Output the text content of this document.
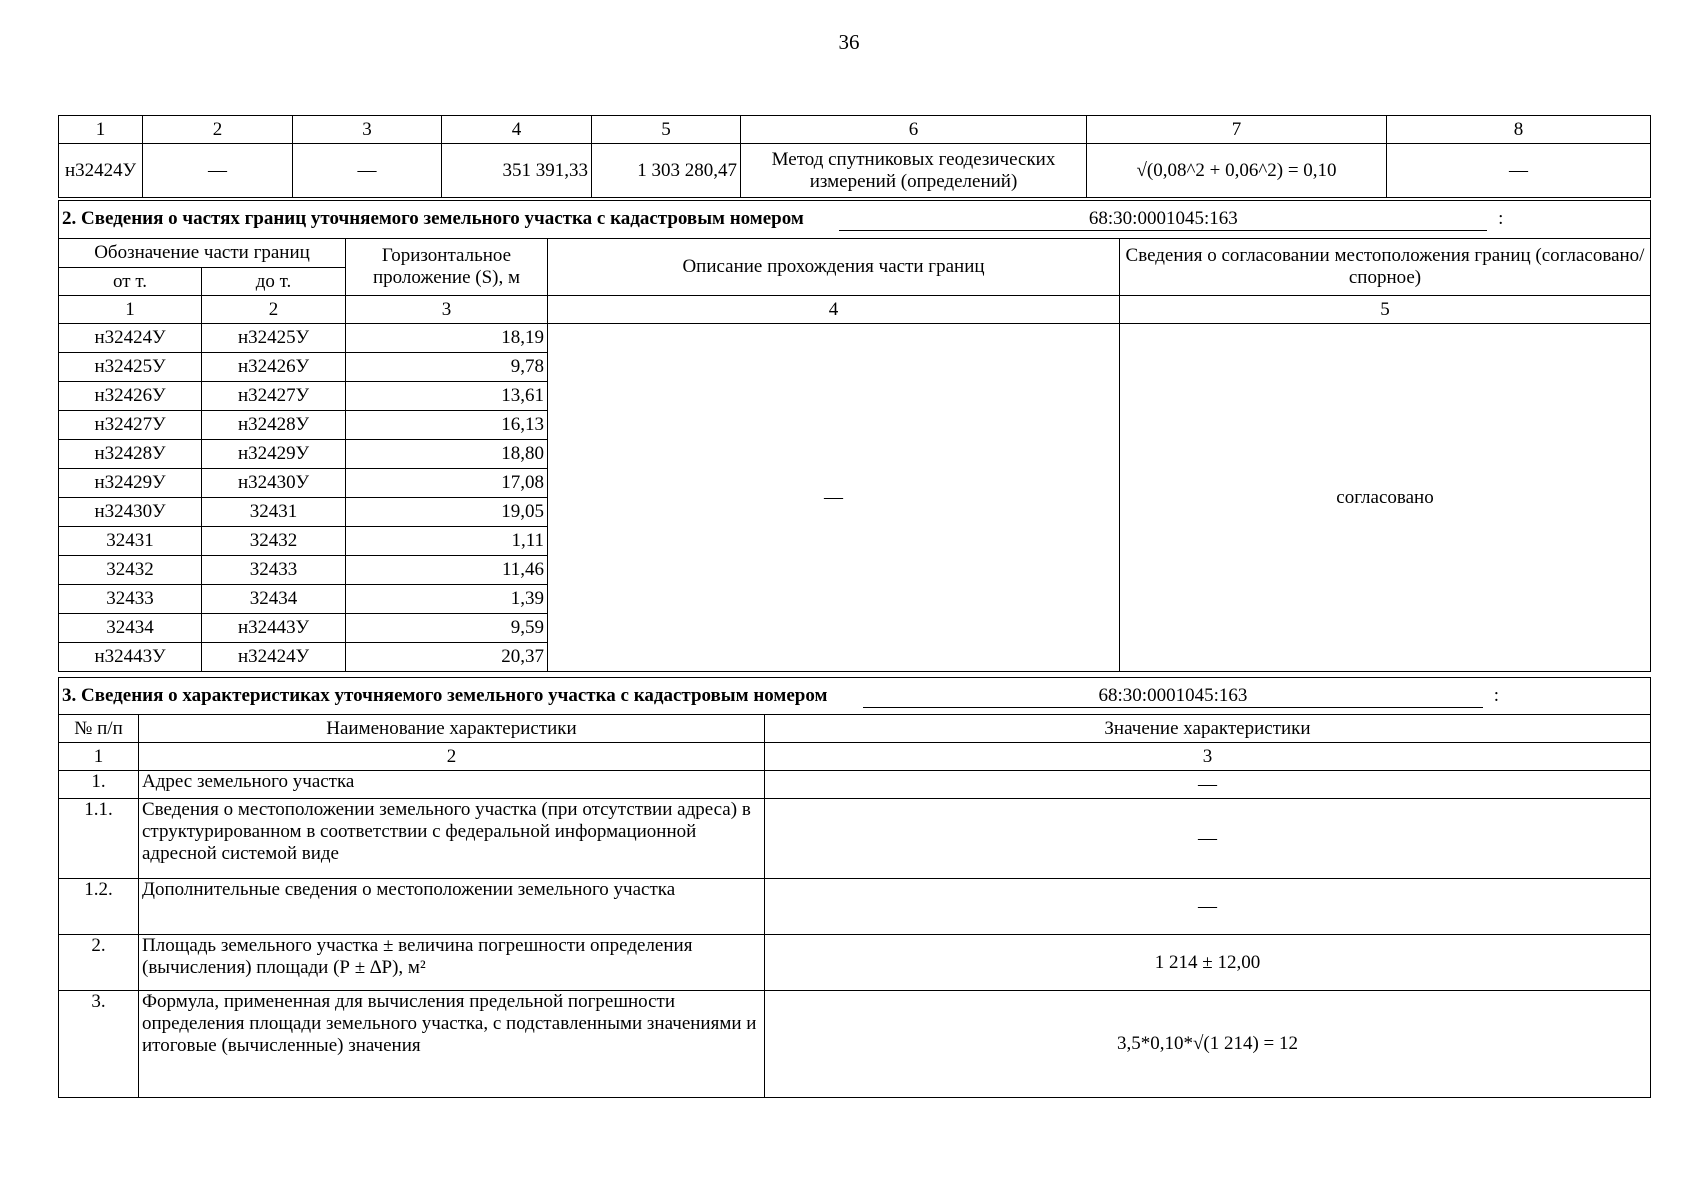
36
1	2	3	4	5	6	7	8
н32424У	—	—	351 391,33	1 303 280,47	Метод спутниковых геодезических измерений (определений)	√(0,08^2 + 0,06^2) = 0,10	—
2. Сведения о частях границ уточняемого земельного участка с кадастровым номером 68:30:0001045:163 :				
Обозначение части границ		Горизонтальное проложение (S), м	Описание прохождения части границ	Сведения о согласовании местоположения границ (согласовано/спорное)
от т.	до т.			
1	2	3	4	5
н32424У	н32425У	18,19	—	согласовано
н32425У	н32426У	9,78		
н32426У	н32427У	13,61		
н32427У	н32428У	16,13		
н32428У	н32429У	18,80		
н32429У	н32430У	17,08		
н32430У	32431	19,05		
32431	32432	1,11		
32432	32433	11,46		
32433	32434	1,39		
32434	н32443У	9,59		
н32443У	н32424У	20,37		
3. Сведения о характеристиках уточняемого земельного участка с кадастровым номером 68:30:0001045:163 :		
№ п/п	Наименование характеристики	Значение характеристики
1	2	3
1.	Адрес земельного участка	—
1.1.	Сведения о местоположении земельного участка (при отсутствии адреса) в структурированном в соответствии с федеральной информационной адресной системой виде	—
1.2.	Дополнительные сведения о местоположении земельного участка	—
2.	Площадь земельного участка ± величина погрешности определения (вычисления) площади (Р ± ∆Р), м²	1 214 ± 12,00
3.	Формула, примененная для вычисления предельной погрешности определения площади земельного участка, с подставленными значениями и итоговые (вычисленные) значения	3,5*0,10*√(1 214) = 12
